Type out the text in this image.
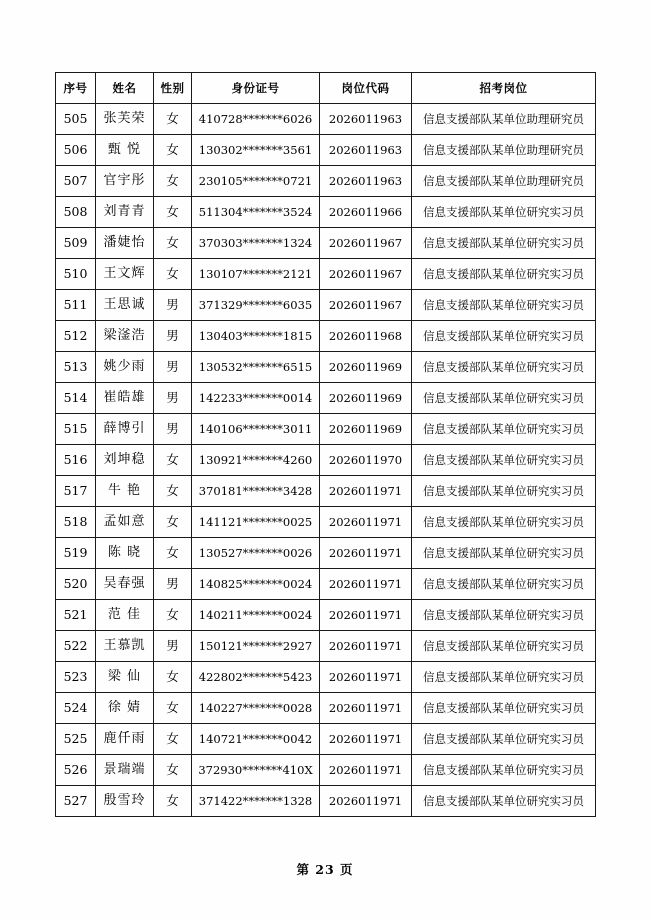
序号	姓名	性别	身份证号	岗位代码	招考岗位
505	张芙荣	女	410728*******6026	2026011963	信息支援部队某单位助理研究员
506	甄 悦	女	130302*******3561	2026011963	信息支援部队某单位助理研究员
507	官宇彤	女	230105*******0721	2026011963	信息支援部队某单位助理研究员
508	刘青青	女	511304*******3524	2026011966	信息支援部队某单位研究实习员
509	潘婕怡	女	370303*******1324	2026011967	信息支援部队某单位研究实习员
510	王文辉	女	130107*******2121	2026011967	信息支援部队某单位研究实习员
511	王思诚	男	371329*******6035	2026011967	信息支援部队某单位研究实习员
512	梁滏浩	男	130403*******1815	2026011968	信息支援部队某单位研究实习员
513	姚少雨	男	130532*******6515	2026011969	信息支援部队某单位研究实习员
514	崔皓雄	男	142233*******0014	2026011969	信息支援部队某单位研究实习员
515	薛博引	男	140106*******3011	2026011969	信息支援部队某单位研究实习员
516	刘坤稳	女	130921*******4260	2026011970	信息支援部队某单位研究实习员
517	牛 艳	女	370181*******3428	2026011971	信息支援部队某单位研究实习员
518	孟如意	女	141121*******0025	2026011971	信息支援部队某单位研究实习员
519	陈 晓	女	130527*******0026	2026011971	信息支援部队某单位研究实习员
520	吴春强	男	140825*******0024	2026011971	信息支援部队某单位研究实习员
521	范 佳	女	140211*******0024	2026011971	信息支援部队某单位研究实习员
522	王慕凯	男	150121*******2927	2026011971	信息支援部队某单位研究实习员
523	梁 仙	女	422802*******5423	2026011971	信息支援部队某单位研究实习员
524	徐 婧	女	140227*******0028	2026011971	信息支援部队某单位研究实习员
525	鹿仟雨	女	140721*******0042	2026011971	信息支援部队某单位研究实习员
526	景瑞端	女	372930*******410X	2026011971	信息支援部队某单位研究实习员
527	殷雪玲	女	371422*******1328	2026011971	信息支援部队某单位研究实习员
第 23 页
